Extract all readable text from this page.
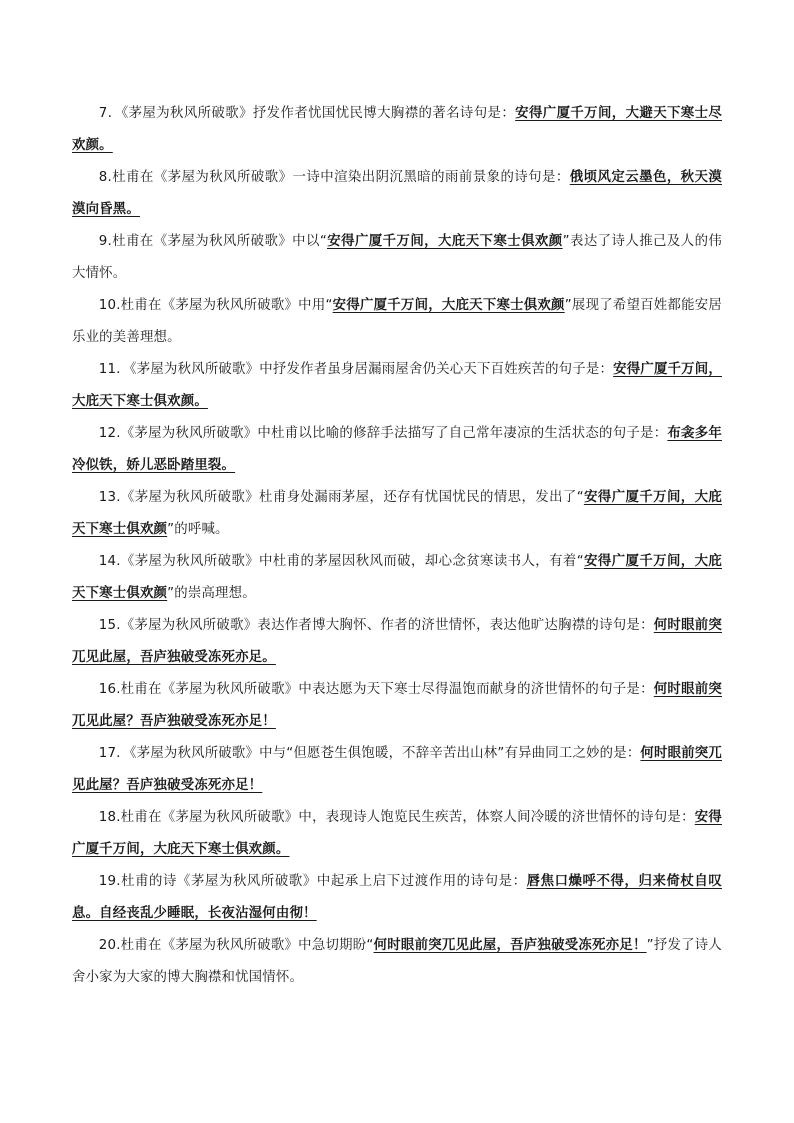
7．《茅屋为秋风所破歌》抒发作者忧国忧民博大胸襟的著名诗句是：安得广厦千万间，大避天下寒士尽欢颜。

8.杜甫在《茅屋为秋风所破歌》一诗中渲染出阴沉黑暗的雨前景象的诗句是：俄顷风定云墨色，秋天漠漠向昏黑。

9.杜甫在《茅屋为秋风所破歌》中以“安得广厦千万间，大庇天下寒士俱欢颜”表达了诗人推己及人的伟大情怀。

10.杜甫在《茅屋为秋风所破歌》中用“安得广厦千万间，大庇天下寒士俱欢颜”展现了希望百姓都能安居乐业的美善理想。

11．《茅屋为秋风所破歌》中抒发作者虽身居漏雨屋舍仍关心天下百姓疾苦的句子是：安得广厦千万间，大庇天下寒士俱欢颜。

12.《茅屋为秋风所破歌》中杜甫以比喻的修辞手法描写了自己常年凄凉的生活状态的句子是：布衾多年冷似铁，娇儿恶卧踏里裂。

13.《茅屋为秋风所破歌》杜甫身处漏雨茅屋，还存有忧国忧民的情思，发出了“安得广厦千万间，大庇天下寒士俱欢颜”的呼喊。

14.《茅屋为秋风所破歌》中杜甫的茅屋因秋风而破，却心念贫寒读书人，有着“安得广厦千万间，大庇天下寒士俱欢颜”的崇高理想。

15.《茅屋为秋风所破歌》表达作者博大胸怀、作者的济世情怀，表达他旷达胸襟的诗句是：何时眼前突兀见此屋，吾庐独破受冻死亦足。

16.杜甫在《茅屋为秋风所破歌》中表达愿为天下寒士尽得温饱而献身的济世情怀的句子是：何时眼前突兀见此屋？吾庐独破受冻死亦足！

17．《茅屋为秋风所破歌》中与“但愿苍生俱饱暖，不辞辛苦出山林”有异曲同工之妙的是：何时眼前突兀见此屋？吾庐独破受冻死亦足！

18.杜甫在《茅屋为秋风所破歌》中，表现诗人饱览民生疾苦，体察人间冷暖的济世情怀的诗句是：安得广厦千万间，大庇天下寒士俱欢颜。

19.杜甫的诗《茅屋为秋风所破歌》中起承上启下过渡作用的诗句是：唇焦口燥呼不得，归来倚杖自叹息。自经丧乱少睡眠，长夜沾湿何由彻！

20.杜甫在《茅屋为秋风所破歌》中急切期盼“何时眼前突兀见此屋，吾庐独破受冻死亦足！”抒发了诗人舍小家为大家的博大胸襟和忧国情怀。
